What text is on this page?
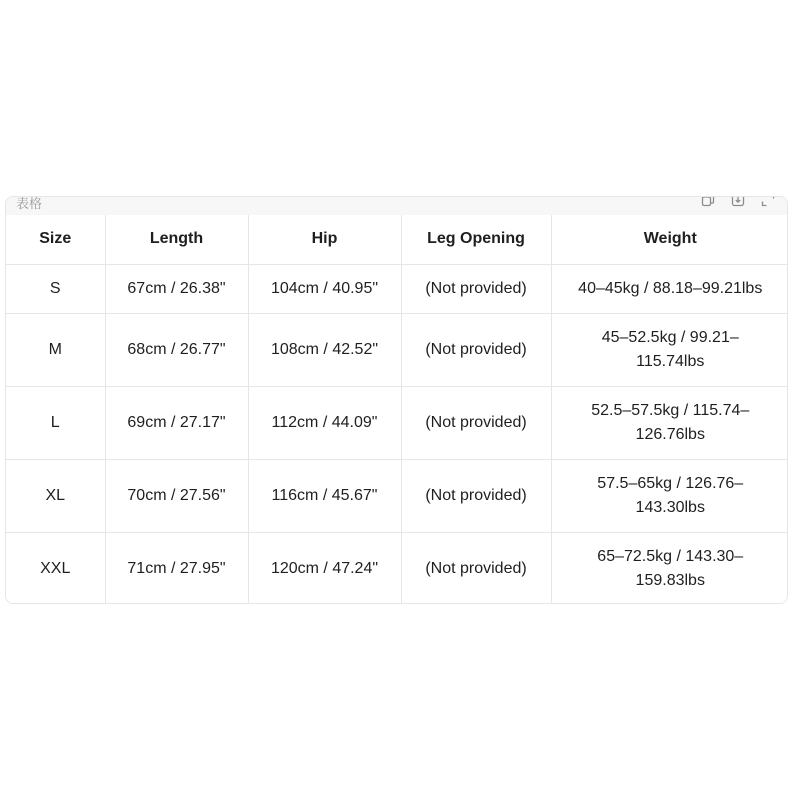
表格
Size	Length	Hip	Leg Opening	Weight
S	67cm / 26.38"	104cm / 40.95"	(Not provided)	40–45kg / 88.18–99.21lbs
M	68cm / 26.77"	108cm / 42.52"	(Not provided)	45–52.5kg / 99.21–115.74lbs
L	69cm / 27.17"	112cm / 44.09"	(Not provided)	52.5–57.5kg / 115.74–126.76lbs
XL	70cm / 27.56"	116cm / 45.67"	(Not provided)	57.5–65kg / 126.76–143.30lbs
XXL	71cm / 27.95"	120cm / 47.24"	(Not provided)	65–72.5kg / 143.30–159.83lbs
